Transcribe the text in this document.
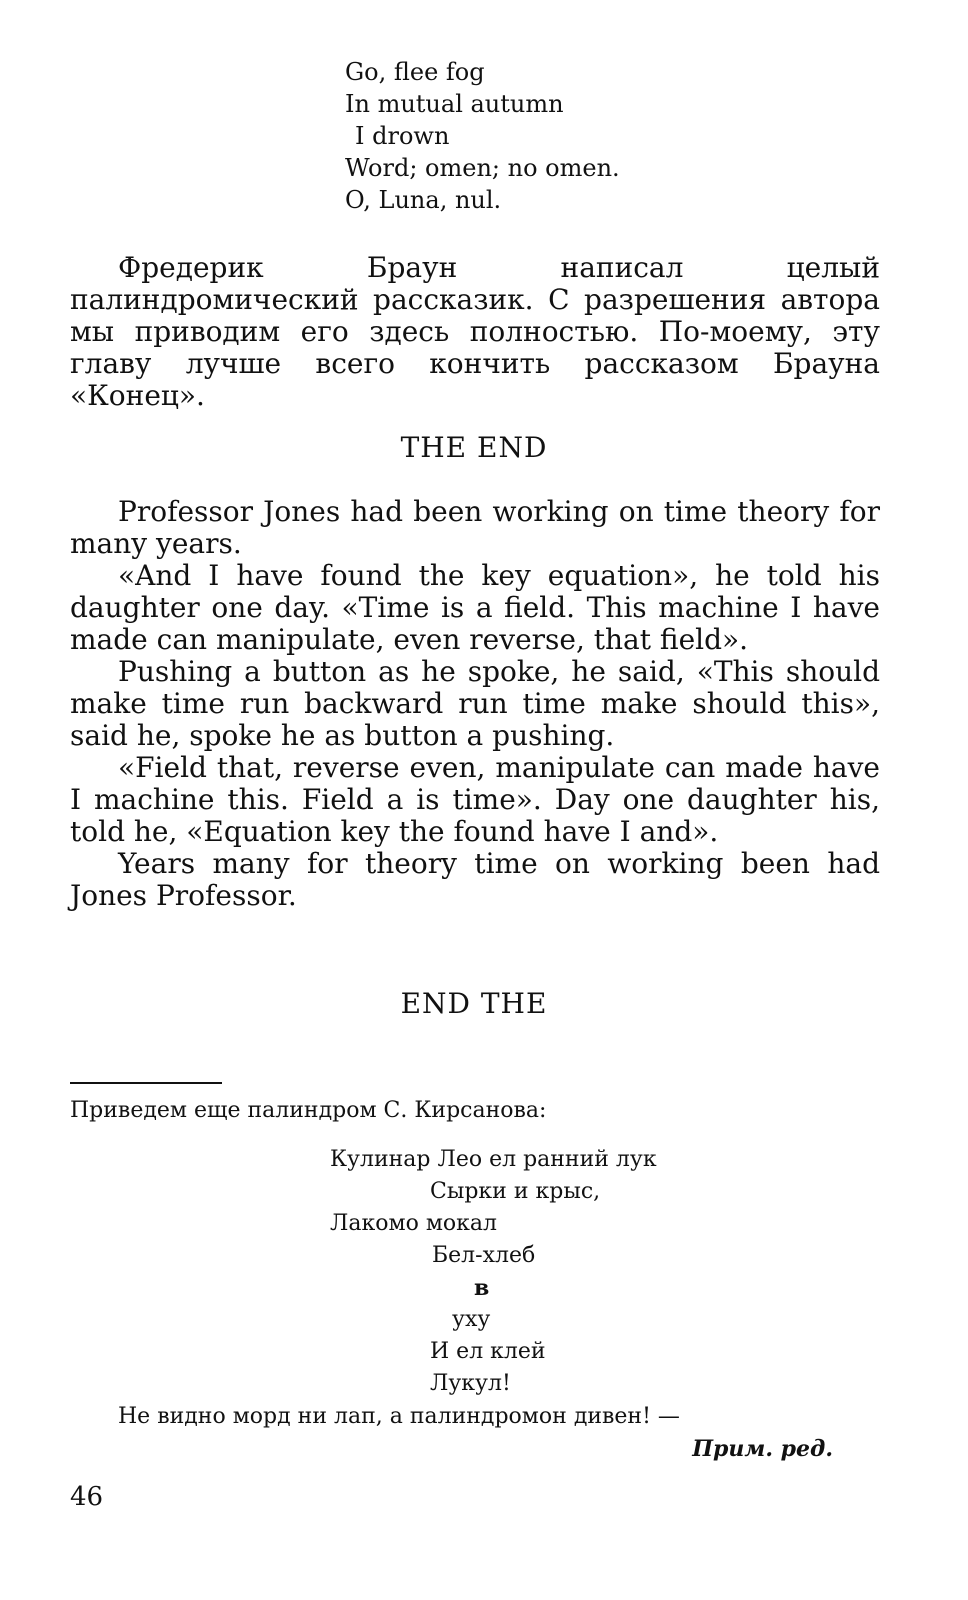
Go, flee fog
In mutual autumn
I drown
Word; omen; no omen.
O, Luna, nul.

Фредерик Браун написал целый палиндромический рассказик. С разрешения автора мы приводим его здесь полностью. По-моему, эту главу лучше всего кончить рассказом Брауна «Конец».

THE END

Professor Jones had been working on time theory for many years.

«And I have found the key equation», he told his daughter one day. «Time is a field. This machine I have made can manipulate, even reverse, that field».

Pushing a button as he spoke, he said, «This should make time run backward run time make should this», said he, spoke he as button a pushing.

«Field that, reverse even, manipulate can made have I machine this. Field a is time». Day one daughter his, told he, «Equation key the found have I and».

Years many for theory time on working been had Jones Professor.

END THE
Приведем еще палиндром С. Кирсанова:
Кулинар Лео ел ранний лук
Сырки и крыс,
Лакомо мокал
Бел-хлеб
в
уху
И ел клей
Лукул!
Не видно морд ни лап, а палиндромон дивен! —
Прим. ред.
46
